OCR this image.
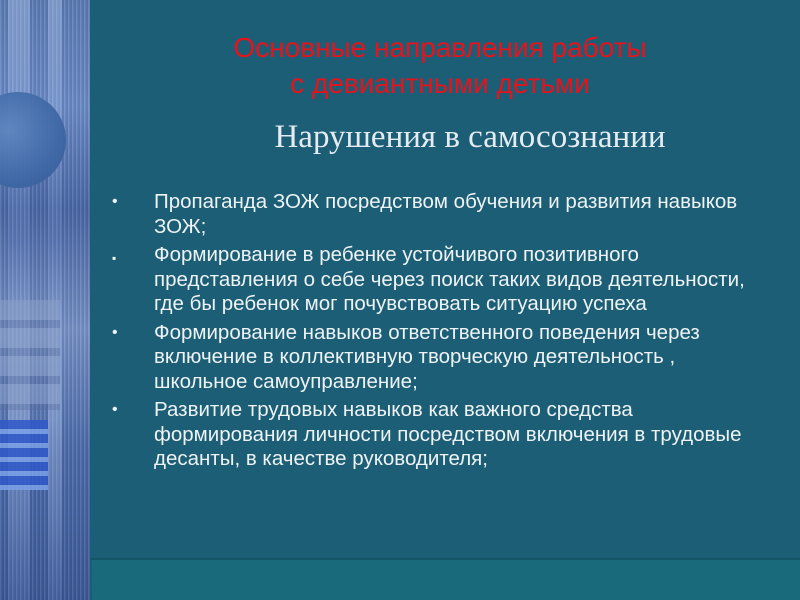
Основные направления работы
с девиантными детьми
Нарушения в самосознании
• Пропаганда ЗОЖ посредством обучения и развития навыков ЗОЖ;
▪ Формирование в ребенке устойчивого позитивного представления о себе через поиск таких видов деятельности, где бы ребенок мог почувствовать ситуацию успеха
• Формирование навыков ответственного поведения через включение в коллективную творческую деятельность , школьное самоуправление;
• Развитие трудовых навыков как важного средства формирования личности посредством включения в трудовые десанты, в качестве руководителя;
